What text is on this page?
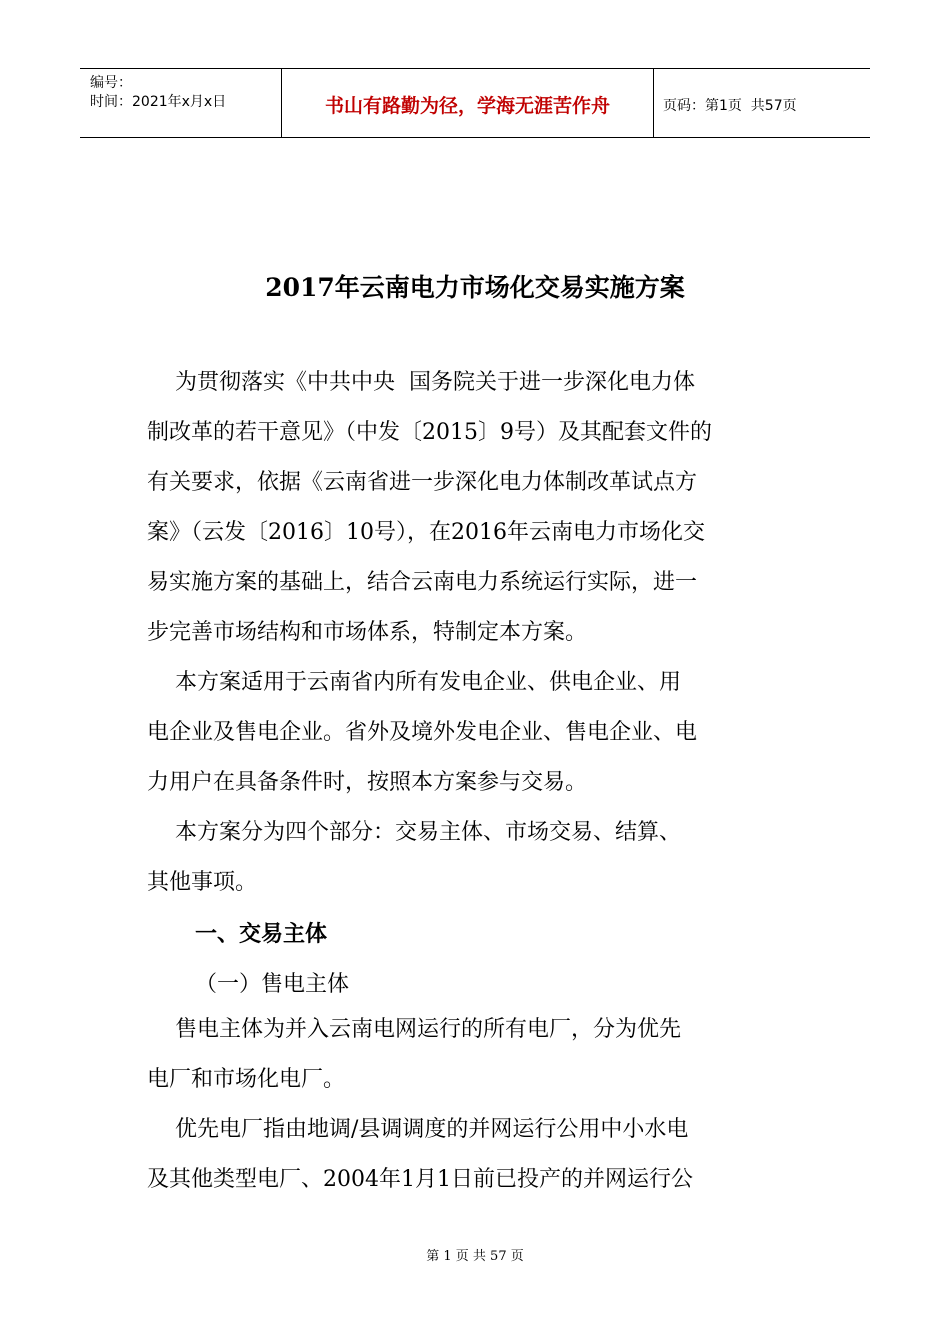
编号：
时间：2021年x月x日	书山有路勤为径，学海无涯苦作舟	页码：第1页  共57页
2017年云南电力市场化交易实施方案

为贯彻落实《中共中央  国务院关于进一步深化电力体
制改革的若干意见》（中发〔2015〕9号）及其配套文件的
有关要求，依据《云南省进一步深化电力体制改革试点方
案》（云发〔2016〕10号），在2016年云南电力市场化交
易实施方案的基础上，结合云南电力系统运行实际，进一
步完善市场结构和市场体系，特制定本方案。

本方案适用于云南省内所有发电企业、供电企业、用
电企业及售电企业。省外及境外发电企业、售电企业、电
力用户在具备条件时，按照本方案参与交易。

本方案分为四个部分：交易主体、市场交易、结算、
其他事项。

一、交易主体
（一）售电主体

售电主体为并入云南电网运行的所有电厂，分为优先
电厂和市场化电厂。

优先电厂指由地调/县调调度的并网运行公用中小水电
及其他类型电厂、2004年1月1日前已投产的并网运行公

第 1 页 共 57 页
